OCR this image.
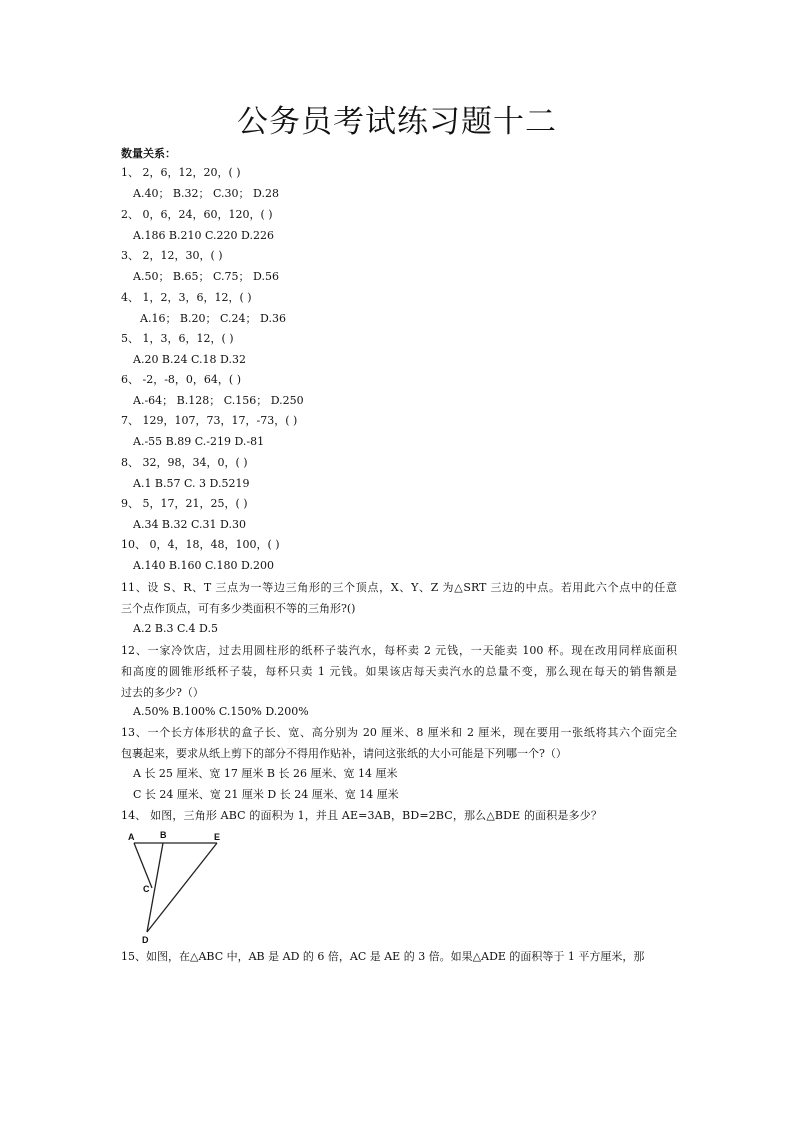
公务员考试练习题十二
数量关系：
1、 2，6，12，20，( )
A.40； B.32； C.30； D.28
2、 0，6，24，60，120，( )
A.186 B.210 C.220 D.226
3、 2，12，30，( )
A.50； B.65； C.75； D.56
4、 1，2，3，6，12，( )
A.16； B.20； C.24； D.36
5、 1，3，6，12，( )
A.20 B.24 C.18 D.32
6、 -2，-8，0，64，( )
A.-64； B.128； C.156； D.250
7、 129，107，73，17，-73，( )
A.-55 B.89 C.-219 D.-81
8、 32，98，34，0，( )
A.1 B.57 C. 3 D.5219
9、 5，17，21，25，( )
A.34 B.32 C.31 D.30
10、 0，4，18，48，100，( )
A.140 B.160 C.180 D.200
11、设 S、R、T 三点为一等边三角形的三个顶点，X、Y、Z 为△SRT 三边的中点。若用此六个点中的任意
三个点作顶点，可有多少类面积不等的三角形?()
A.2 B.3 C.4 D.5
12、一家冷饮店，过去用圆柱形的纸杯子装汽水，每杯卖 2 元钱，一天能卖 100 杯。现在改用同样底面积
和高度的圆锥形纸杯子装，每杯只卖 1 元钱。如果该店每天卖汽水的总量不变，那么现在每天的销售额是
过去的多少?（）
A.50% B.100% C.150% D.200%
13、一个长方体形状的盒子长、宽、高分别为 20 厘米、8 厘米和 2 厘米，现在要用一张纸将其六个面完全
包裹起来，要求从纸上剪下的部分不得用作贴补，请问这张纸的大小可能是下列哪一个?（）
A 长 25 厘米、宽 17 厘米 B 长 26 厘米、宽 14 厘米
C 长 24 厘米、宽 21 厘米 D 长 24 厘米、宽 14 厘米
14、 如图，三角形 ABC 的面积为 1，并且 AE=3AB，BD=2BC，那么△BDE 的面积是多少？
A	B	E
C
D
15、如图，在△ABC 中，AB 是 AD 的 6 倍，AC 是 AE 的 3 倍。如果△ADE 的面积等于 1 平方厘米，那
